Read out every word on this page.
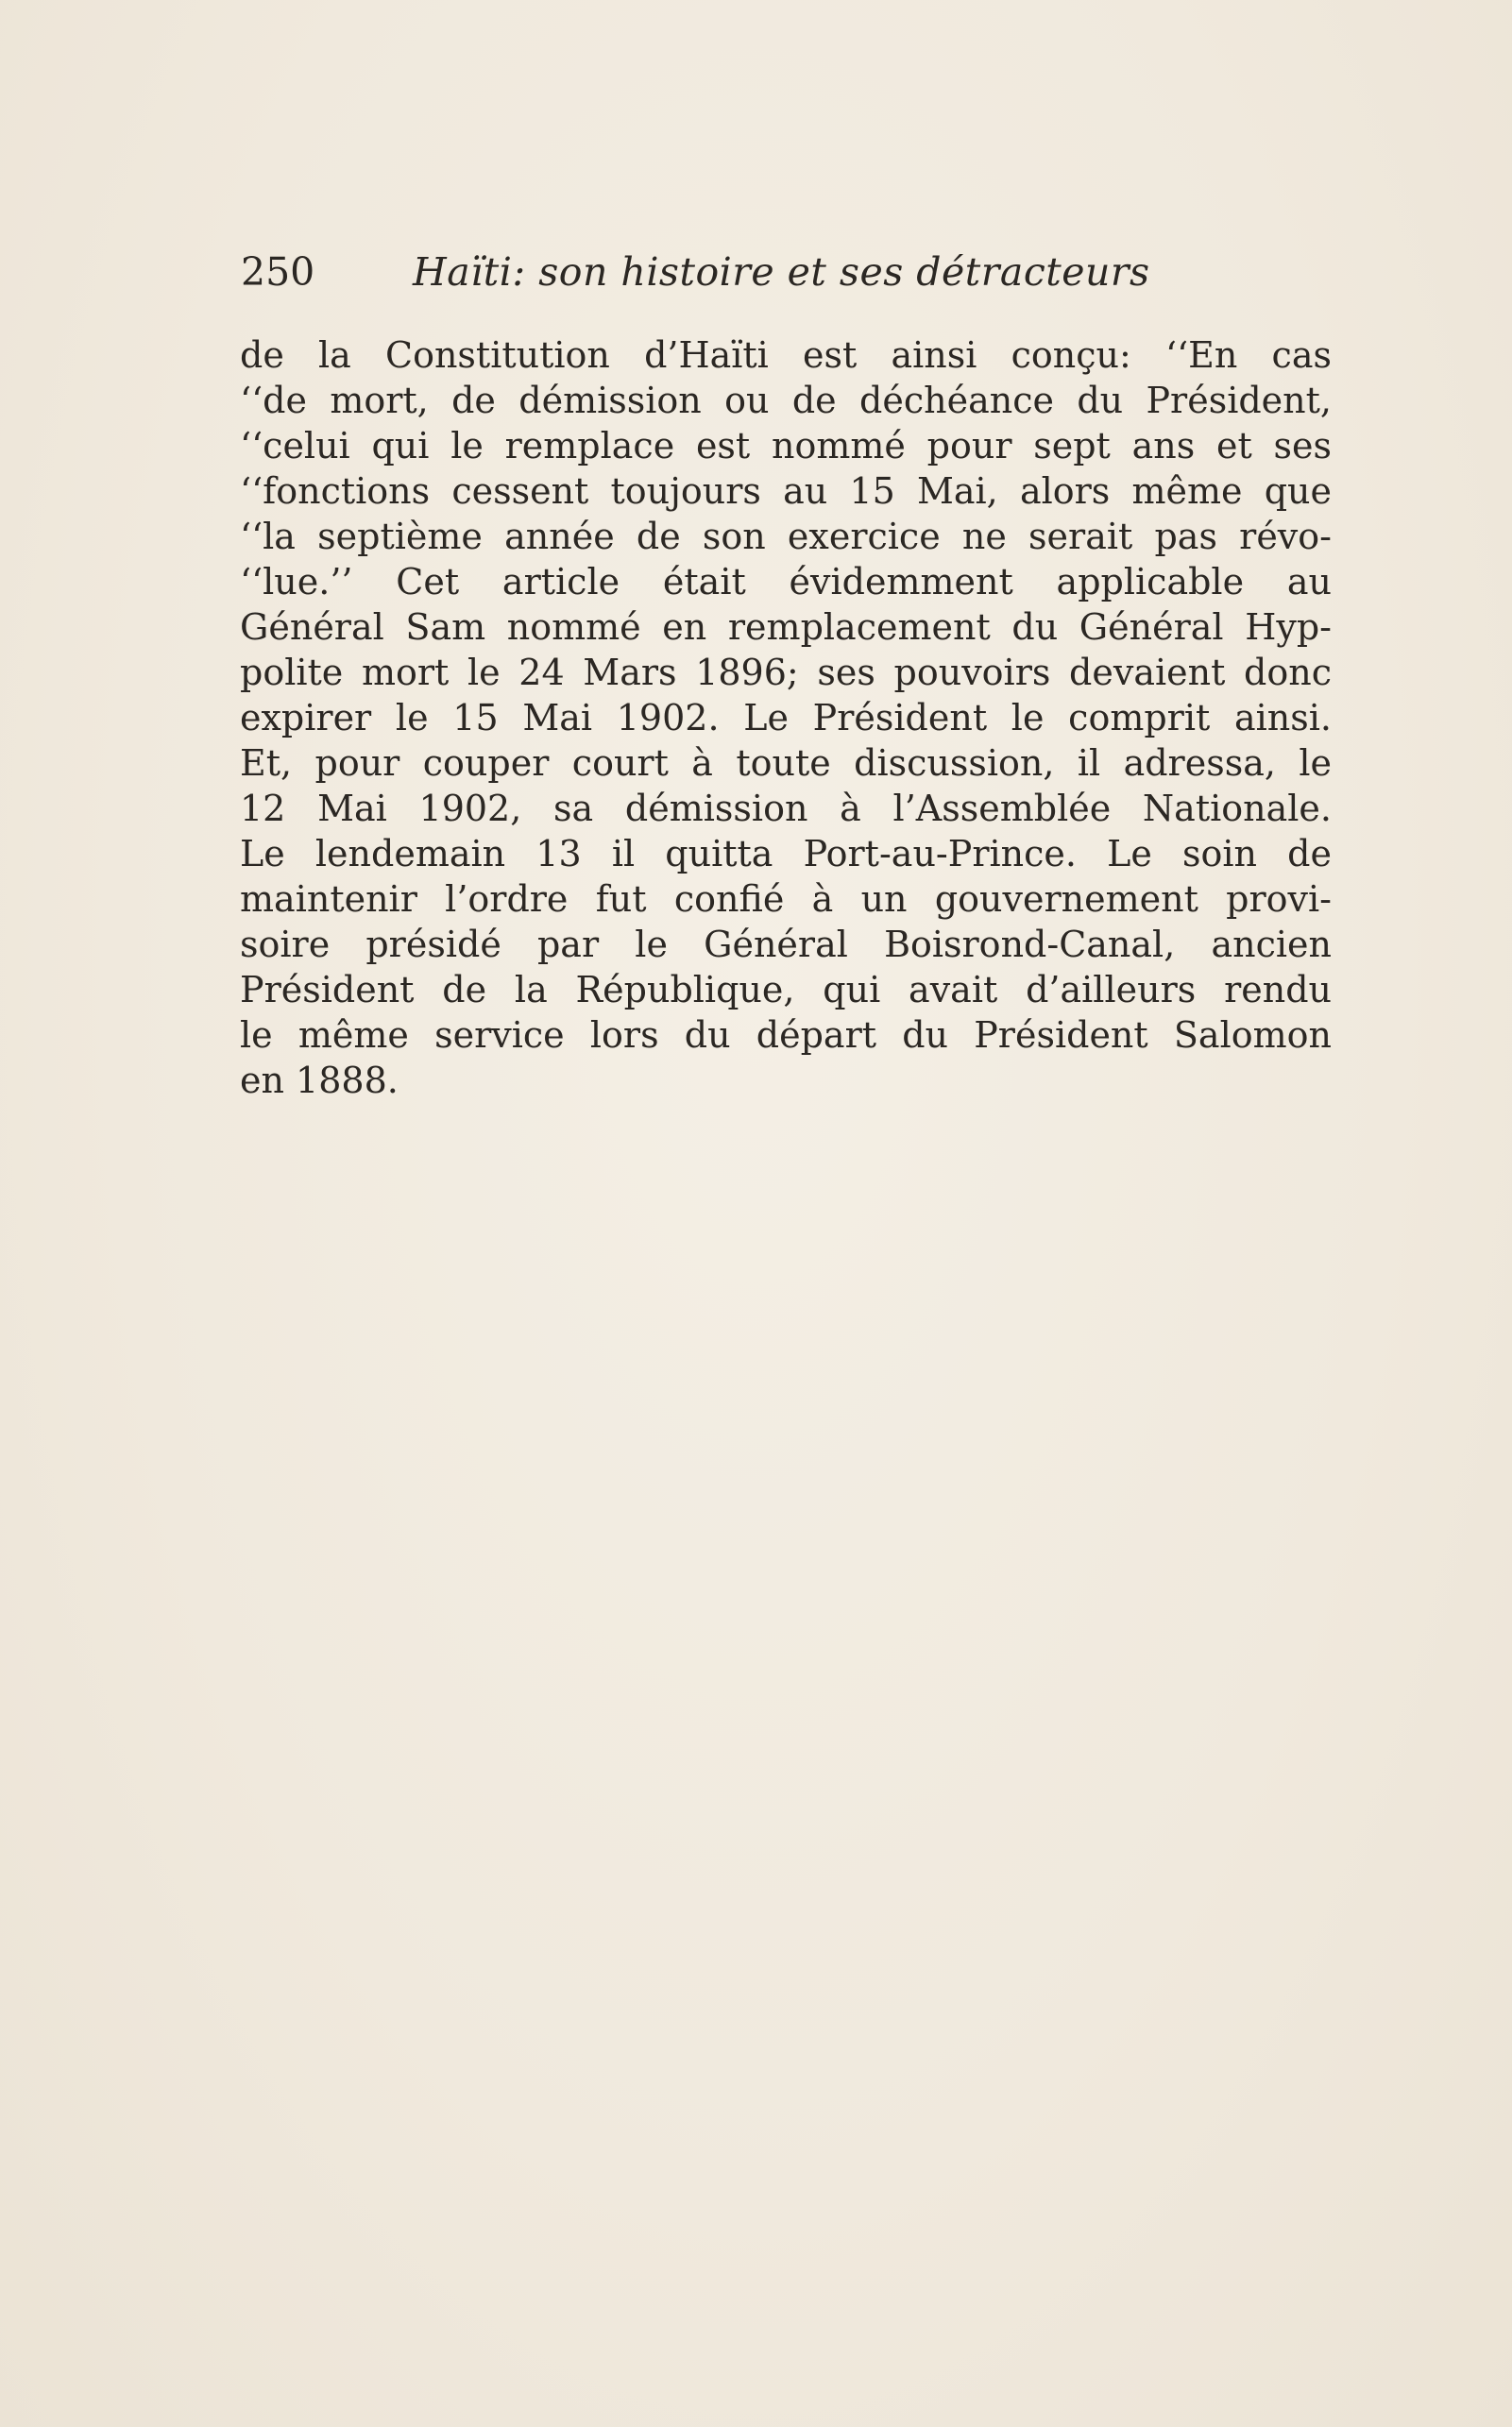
250	Haïti: son histoire et ses détracteurs

de la Constitution d’Haïti est ainsi conçu: ‘‘En cas
‘‘de mort, de démission ou de déchéance du Président,
‘‘celui qui le remplace est nommé pour sept ans et ses
‘‘fonctions cessent toujours au 15 Mai, alors même que
‘‘la septième année de son exercice ne serait pas révo-
‘‘lue.’’ Cet article était évidemment applicable au
Général Sam nommé en remplacement du Général Hyp-
polite mort le 24 Mars 1896; ses pouvoirs devaient donc
expirer le 15 Mai 1902. Le Président le comprit ainsi.
Et, pour couper court à toute discussion, il adressa, le
12 Mai 1902, sa démission à l’Assemblée Nationale.
Le lendemain 13 il quitta Port-au-Prince. Le soin de
maintenir l’ordre fut confié à un gouvernement provi-
soire présidé par le Général Boisrond-Canal, ancien
Président de la République, qui avait d’ailleurs rendu
le même service lors du départ du Président Salomon
en 1888.
